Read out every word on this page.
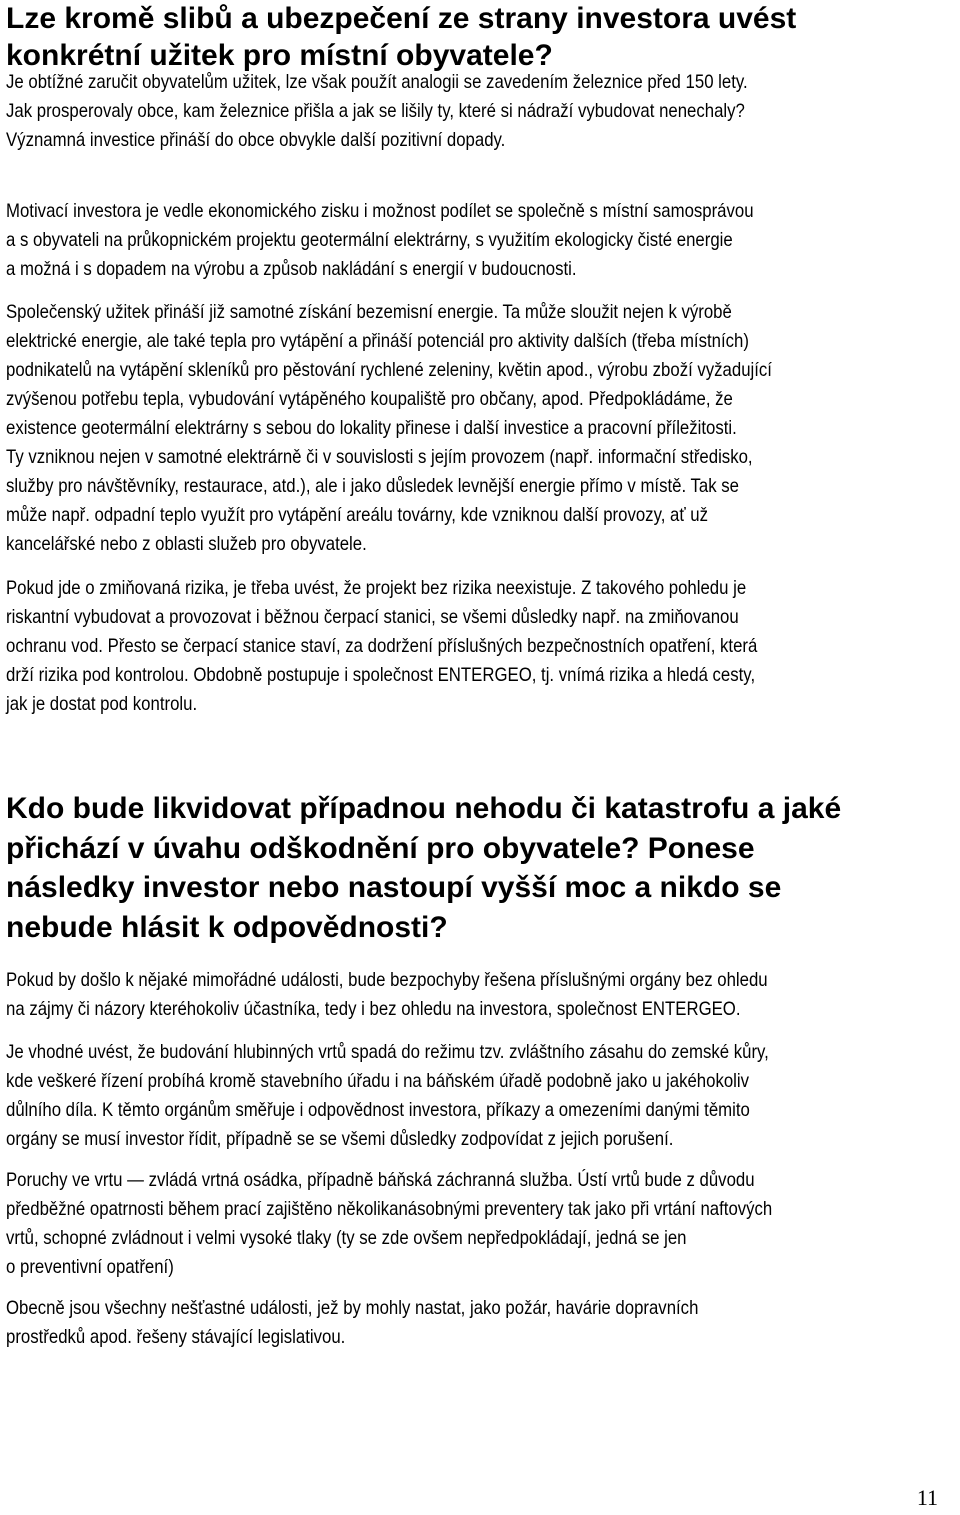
Lze kromě slibů a ubezpečení ze strany investora uvést
konkrétní užitek pro místní obyvatele?

Je obtížné zaručit obyvatelům užitek, lze však použít analogii se zavedením železnice před 150 lety.
Jak prosperovaly obce, kam železnice přišla a jak se lišily ty, které si nádraží vybudovat nenechaly?
Významná investice přináší do obce obvykle další pozitivní dopady.

Motivací investora je vedle ekonomického zisku i možnost podílet se společně s místní samosprávou
a s obyvateli na průkopnickém projektu geotermální elektrárny, s využitím ekologicky čisté energie
a možná i s dopadem na výrobu a způsob nakládání s energií v budoucnosti.

Společenský užitek přináší již samotné získání bezemisní energie. Ta může sloužit nejen k výrobě
elektrické energie, ale také tepla pro vytápění a přináší potenciál pro aktivity dalších (třeba místních)
podnikatelů na vytápění skleníků pro pěstování rychlené zeleniny, květin apod., výrobu zboží vyžadující
zvýšenou potřebu tepla, vybudování vytápěného koupaliště pro občany, apod. Předpokládáme, že
existence geotermální elektrárny s sebou do lokality přinese i další investice a pracovní příležitosti.
Ty vzniknou nejen v samotné elektrárně či v souvislosti s jejím provozem (např. informační středisko,
služby pro návštěvníky, restaurace, atd.), ale i jako důsledek levnější energie přímo v místě. Tak se
může např. odpadní teplo využít pro vytápění areálu továrny, kde vzniknou další provozy, ať už
kancelářské nebo z oblasti služeb pro obyvatele.

Pokud jde o zmiňovaná rizika, je třeba uvést, že projekt bez rizika neexistuje. Z takového pohledu je
riskantní vybudovat a provozovat i běžnou čerpací stanici, se všemi důsledky např. na zmiňovanou
ochranu vod. Přesto se čerpací stanice staví, za dodržení příslušných bezpečnostních opatření, která
drží rizika pod kontrolou. Obdobně postupuje i společnost ENTERGEO, tj. vnímá rizika a hledá cesty,
jak je dostat pod kontrolu.

Kdo bude likvidovat případnou nehodu či katastrofu a jaké
přichází v úvahu odškodnění pro obyvatele? Ponese
následky investor nebo nastoupí vyšší moc a nikdo se
nebude hlásit k odpovědnosti?

Pokud by došlo k nějaké mimořádné události, bude bezpochyby řešena příslušnými orgány bez ohledu
na zájmy či názory kteréhokoliv účastníka, tedy i bez ohledu na investora, společnost ENTERGEO.

Je vhodné uvést, že budování hlubinných vrtů spadá do režimu tzv. zvláštního zásahu do zemské kůry,
kde veškeré řízení probíhá kromě stavebního úřadu i na báňském úřadě podobně jako u jakéhokoliv
důlního díla. K těmto orgánům směřuje i odpovědnost investora, příkazy a omezeními danými těmito
orgány se musí investor řídit, případně se se všemi důsledky zodpovídat z jejich porušení.

Poruchy ve vrtu — zvládá vrtná osádka, případně báňská záchranná služba. Ústí vrtů bude z důvodu
předběžné opatrnosti během prací zajištěno několikanásobnými preventery tak jako při vrtání naftových
vrtů, schopné zvládnout i velmi vysoké tlaky (ty se zde ovšem nepředpokládají, jedná se jen
o preventivní opatření)

Obecně jsou všechny nešťastné události, jež by mohly nastat, jako požár, havárie dopravních
prostředků apod. řešeny stávající legislativou.

11
